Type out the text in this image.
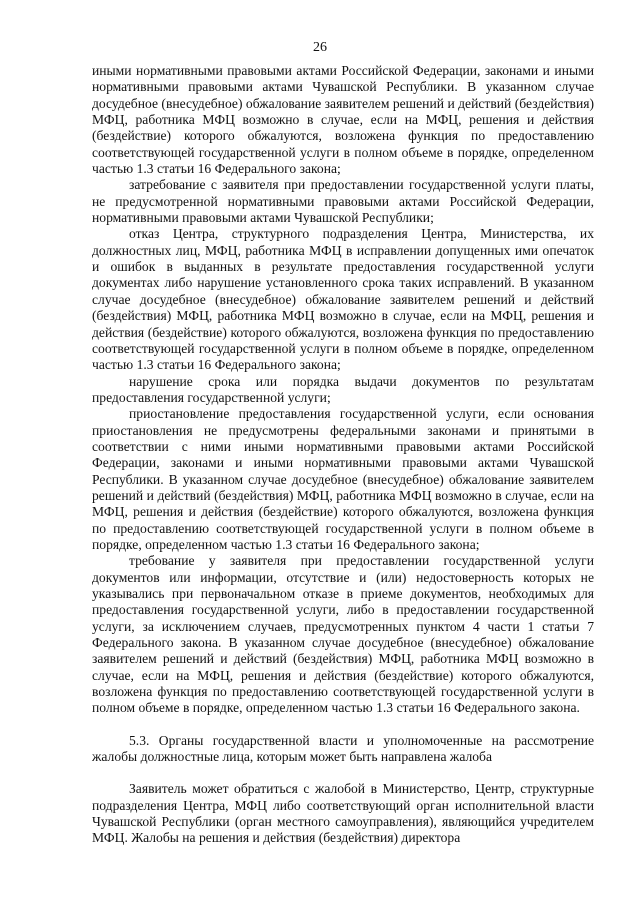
26

иными нормативными правовыми актами Российской Федерации, законами и иными нормативными правовыми актами Чувашской Республики. В указанном случае досудебное (внесудебное) обжалование заявителем решений и действий (бездействия) МФЦ, работника МФЦ возможно в случае, если на МФЦ, решения и действия (бездействие) которого обжалуются, возложена функция по предоставлению соответствующей государственной услуги в полном объеме в порядке, определенном частью 1.3 статьи 16 Федерального закона;

затребование с заявителя при предоставлении государственной услуги платы, не предусмотренной нормативными правовыми актами Российской Федерации, нормативными правовыми актами Чувашской Республики;

отказ Центра, структурного подразделения Центра, Министерства, их должностных лиц, МФЦ, работника МФЦ в исправлении допущенных ими опечаток и ошибок в выданных в результате предоставления государственной услуги документах либо нарушение установленного срока таких исправлений. В указанном случае досудебное (внесудебное) обжалование заявителем решений и действий (бездействия) МФЦ, работника МФЦ возможно в случае, если на МФЦ, решения и действия (бездействие) которого обжалуются, возложена функция по предоставлению соответствующей государственной услуги в полном объеме в порядке, определенном частью 1.3 статьи 16 Федерального закона;

нарушение срока или порядка выдачи документов по результатам предоставления государственной услуги;

приостановление предоставления государственной услуги, если основания приостановления не предусмотрены федеральными законами и принятыми в соответствии с ними иными нормативными правовыми актами Российской Федерации, законами и иными нормативными правовыми актами Чувашской Республики. В указанном случае досудебное (внесудебное) обжалование заявителем решений и действий (бездействия) МФЦ, работника МФЦ возможно в случае, если на МФЦ, решения и действия (бездействие) которого обжалуются, возложена функция по предоставлению соответствующей государственной услуги в полном объеме в порядке, определенном частью 1.3 статьи 16 Федерального закона;

требование у заявителя при предоставлении государственной услуги документов или информации, отсутствие и (или) недостоверность которых не указывались при первоначальном отказе в приеме документов, необходимых для предоставления государственной услуги, либо в предоставлении государственной услуги, за исключением случаев, предусмотренных пунктом 4 части 1 статьи 7 Федерального закона. В указанном случае досудебное (внесудебное) обжалование заявителем решений и действий (бездействия) МФЦ, работника МФЦ возможно в случае, если на МФЦ, решения и действия (бездействие) которого обжалуются, возложена функция по предоставлению соответствующей государственной услуги в полном объеме в порядке, определенном частью 1.3 статьи 16 Федерального закона.

5.3. Органы государственной власти и уполномоченные на рассмотрение жалобы должностные лица, которым может быть направлена жалоба

Заявитель может обратиться с жалобой в Министерство, Центр, структурные подразделения Центра, МФЦ либо соответствующий орган исполнительной власти Чувашской Республики (орган местного самоуправления), являющийся учредителем МФЦ. Жалобы на решения и действия (бездействия) директора
